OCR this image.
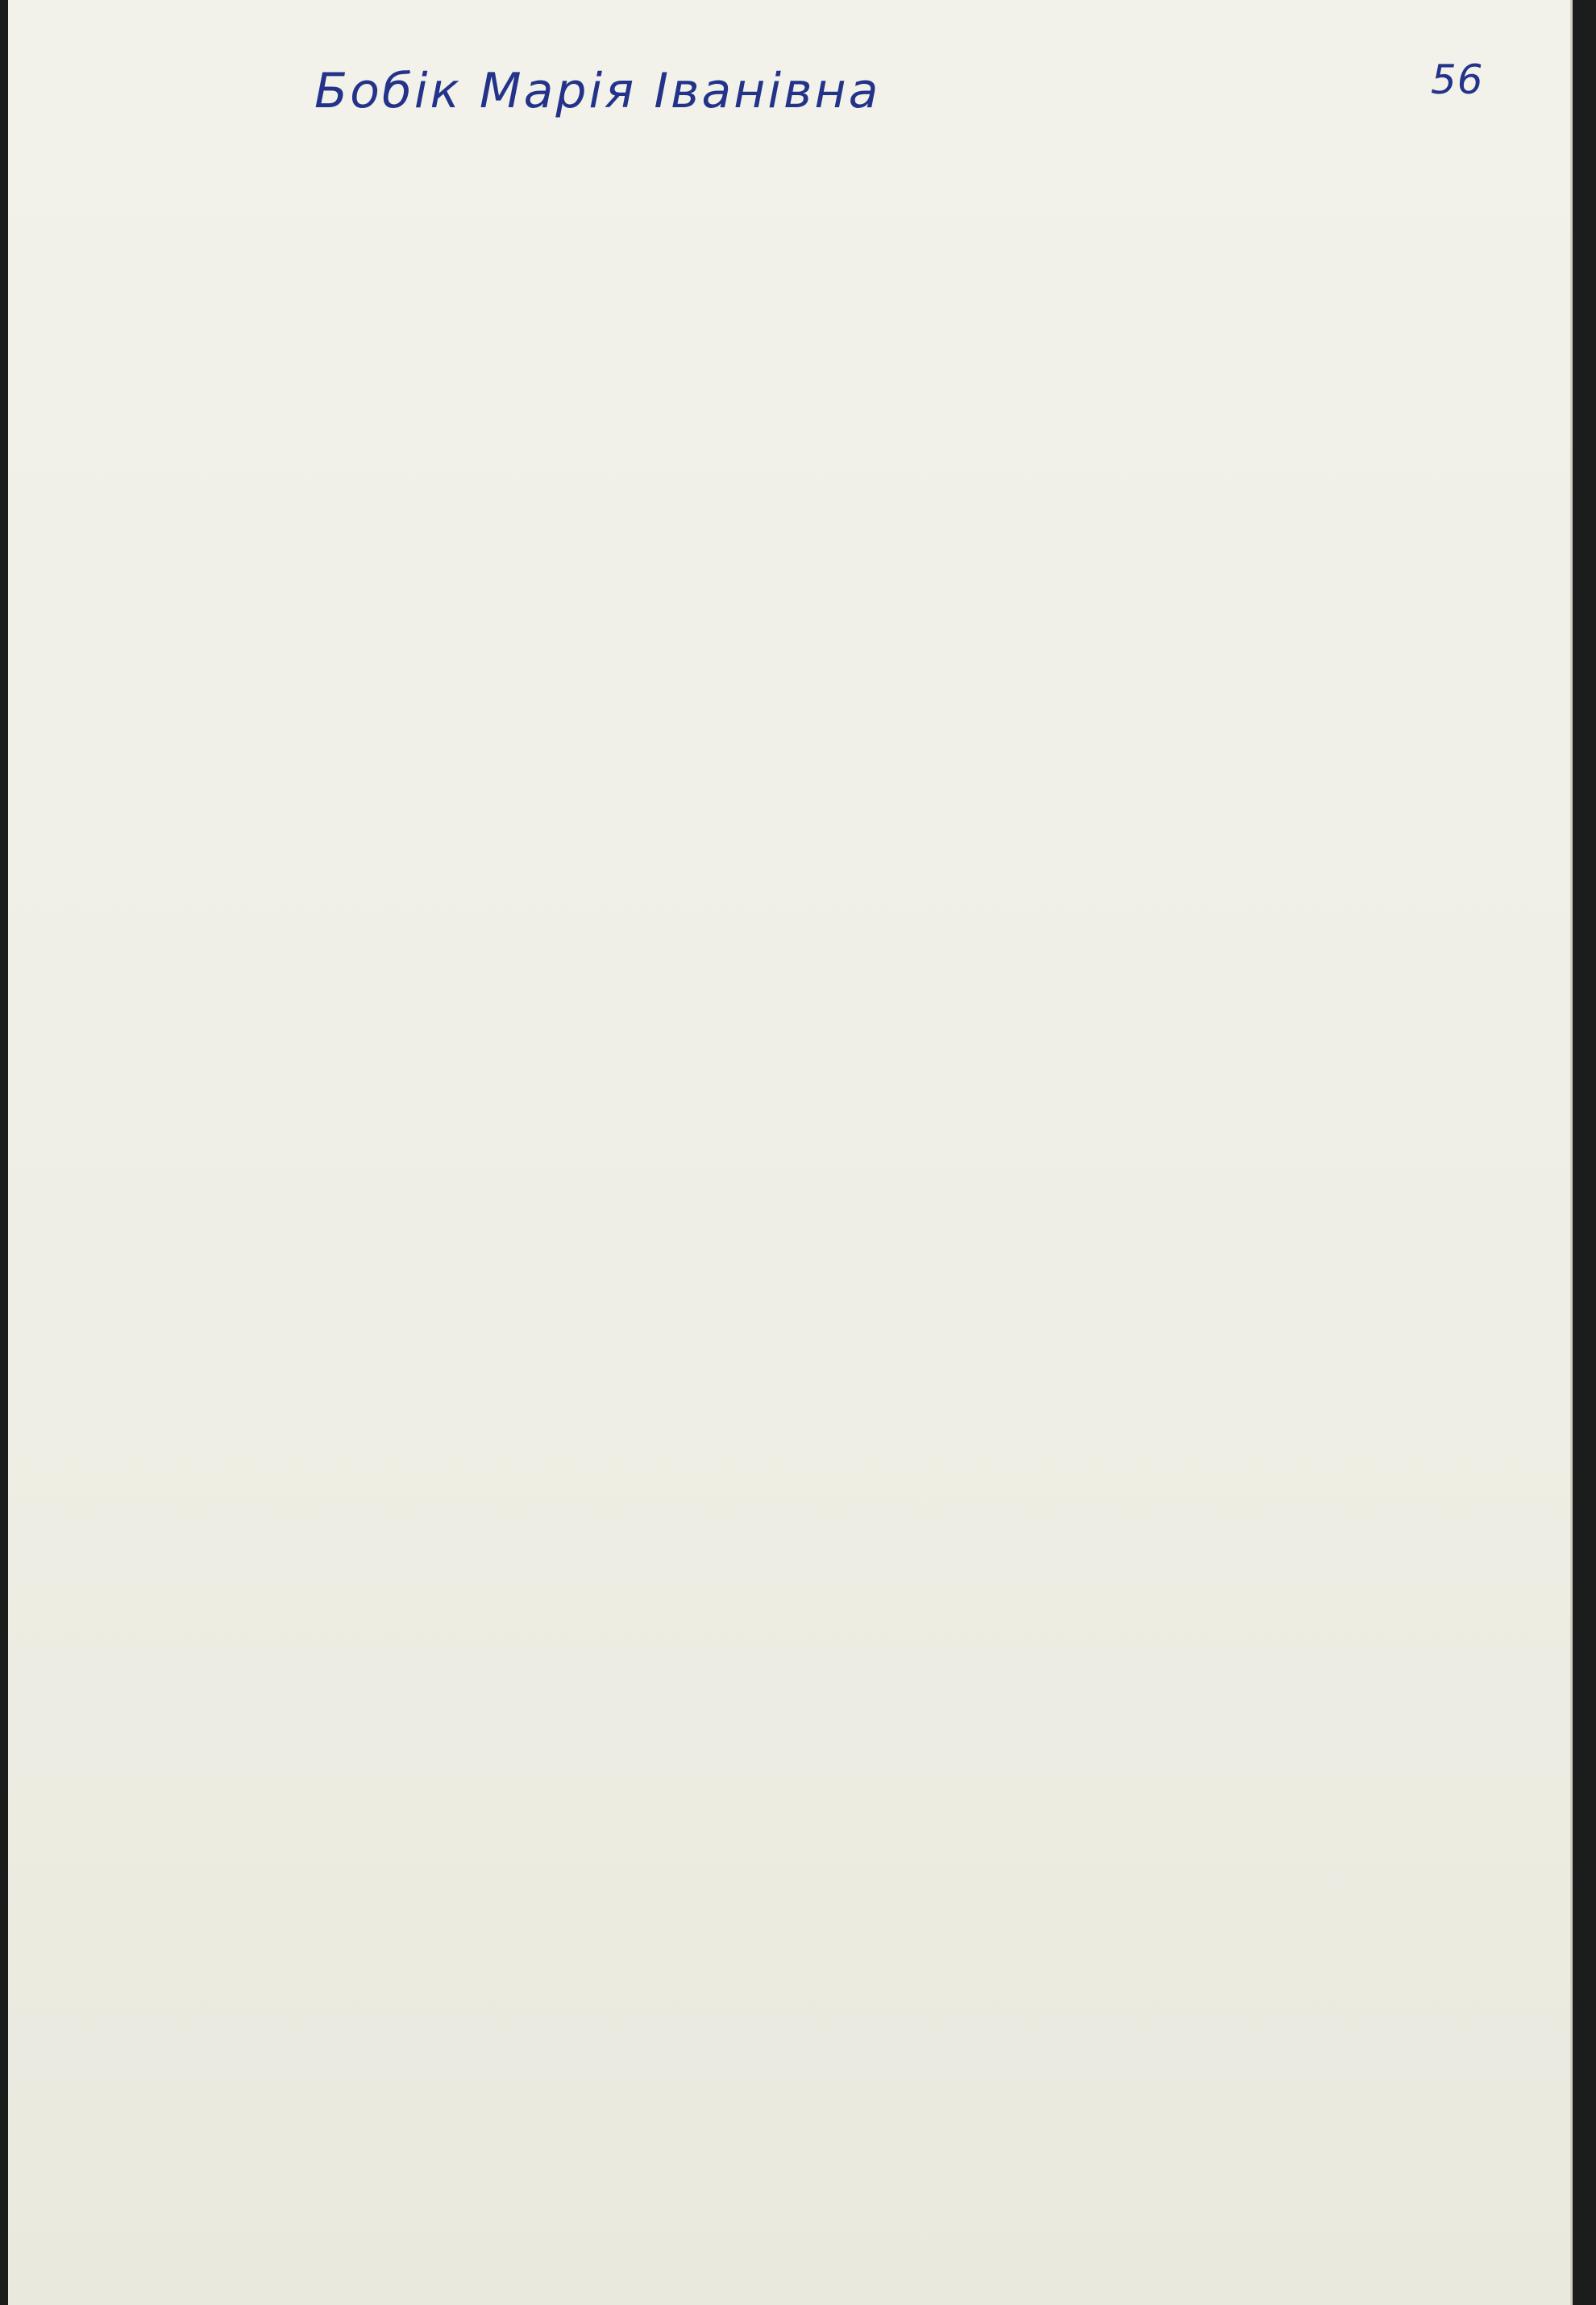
56
Бобік Марія Іванівна
